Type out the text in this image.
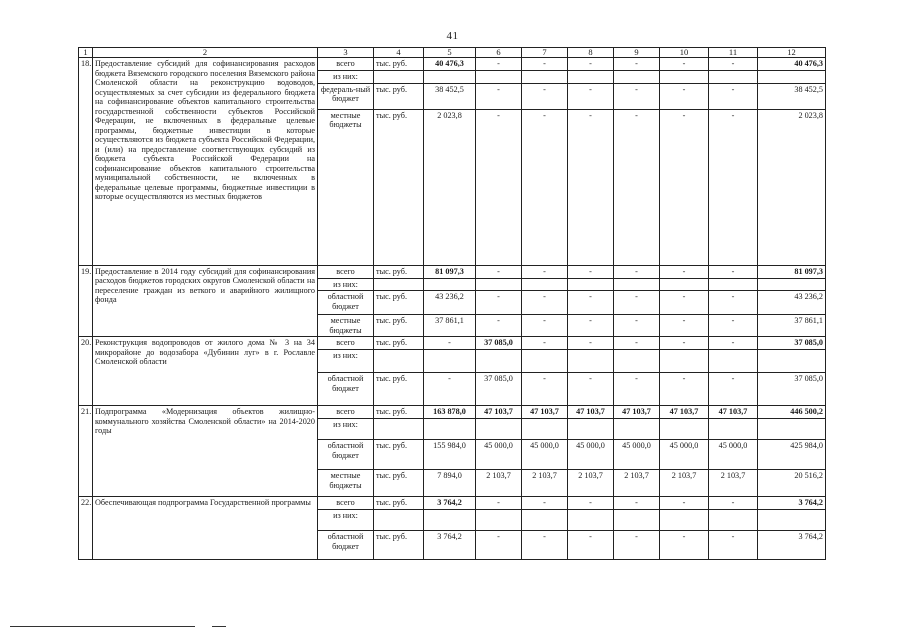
41
1	2	3	4	5	6	7	8	9	10	11	12
18.	Предоставление субсидий для софинансирования расходов бюджета Вяземского городского поселения Вяземского района Смоленской области на реконструкцию водоводов, осуществляемых за счет субсидии из федерального бюджета на софинансирование объектов капитального строительства государственной собственности субъектов Российской Федерации, не включенных в федеральные целевые программы, бюджетные инвестиции в которые осуществляются из бюджета субъекта Российской Федерации, и (или) на предоставление соответствующих субсидий из бюджета субъекта Российской Федерации на софинансирование объектов капитального строительства муниципальной собственности, не включенных в федеральные целевые программы, бюджетные инвестиции в которые осуществляются из местных бюджетов	всего	тыс. руб.	40 476,3	-	-	-	-	-	-	40 476,3
		из них:									
		федераль-ный бюджет	тыс. руб.	38 452,5	-	-	-	-	-	-	38 452,5
		местные бюджеты	тыс. руб.	2 023,8	-	-	-	-	-	-	2 023,8
19.	Предоставление в 2014 году субсидий для софинансирования расходов бюджетов городских округов Смоленской области на переселение граждан из веткого и аварийного жилищного фонда	всего	тыс. руб.	81 097,3	-	-	-	-	-	-	81 097,3
		из них:									
		областной бюджет	тыс. руб.	43 236,2	-	-	-	-	-	-	43 236,2
		местные бюджеты	тыс. руб.	37 861,1	-	-	-	-	-	-	37 861,1
20.	Реконструкция водопроводов от жилого дома № 3 на 34 микрорайоне до водозабора «Дубинин луг» в г. Рославле Смоленской области	всего	тыс. руб.	-	37 085,0	-	-	-	-	-	37 085,0
		из них:									
		областной бюджет	тыс. руб.	-	37 085,0	-	-	-	-	-	37 085,0
21.	Подпрограмма «Модернизация объектов жилищно-коммунального хозяйства Смоленской области» на 2014-2020 годы	всего	тыс. руб.	163 878,0	47 103,7	47 103,7	47 103,7	47 103,7	47 103,7	47 103,7	446 500,2
		из них:									
		областной бюджет	тыс. руб.	155 984,0	45 000,0	45 000,0	45 000,0	45 000,0	45 000,0	45 000,0	425 984,0
		местные бюджеты	тыс. руб.	7 894,0	2 103,7	2 103,7	2 103,7	2 103,7	2 103,7	2 103,7	20 516,2
22.	Обеспечивающая подпрограмма Государственной программы	всего	тыс. руб.	3 764,2	-	-	-	-	-	-	3 764,2
		из них:									
		областной бюджет	тыс. руб.	3 764,2	-	-	-	-	-	-	3 764,2
